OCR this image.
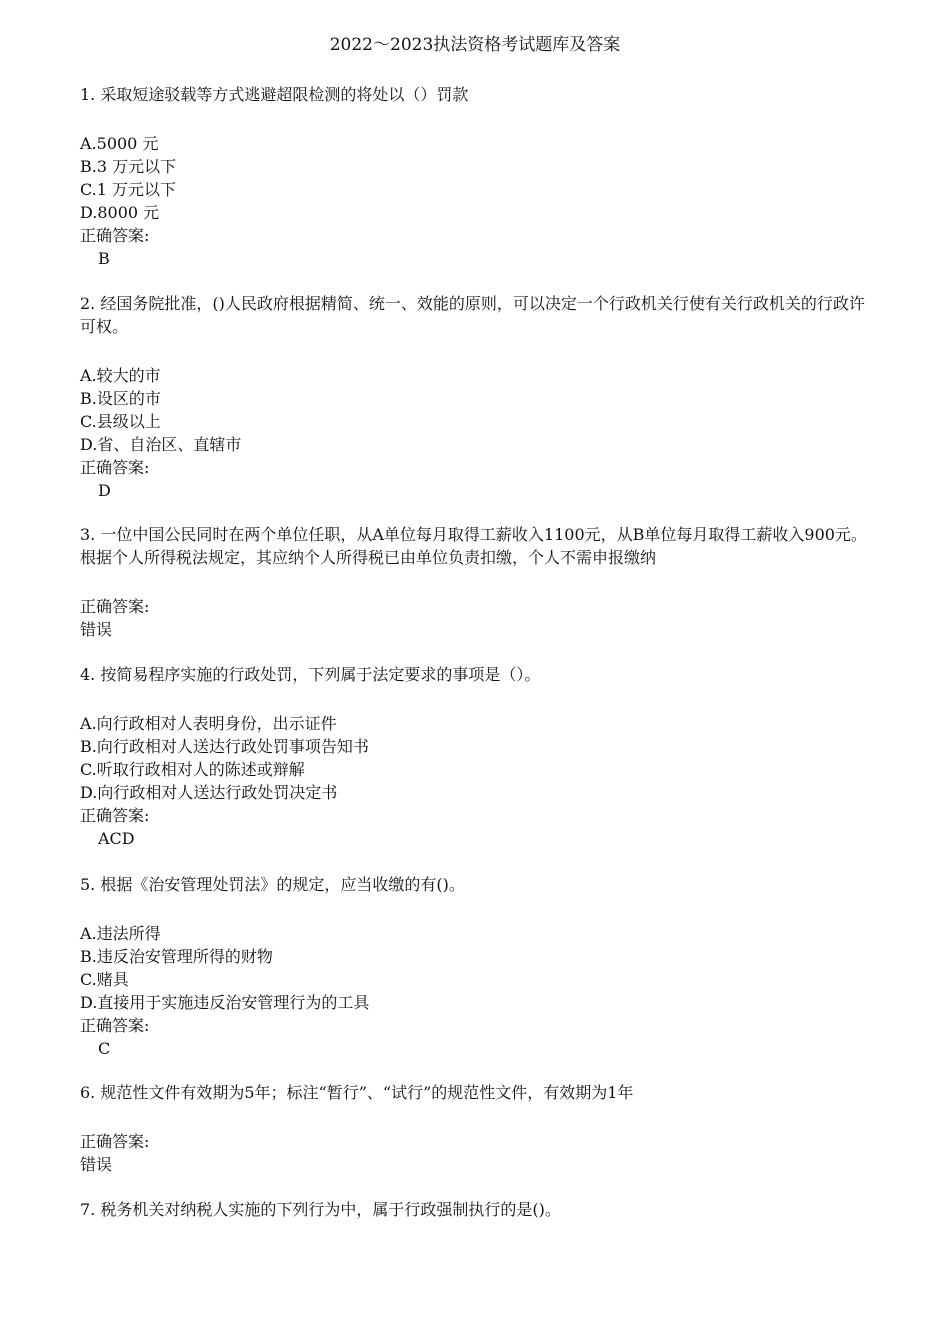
2022～2023执法资格考试题库及答案

1. 采取短途驳载等方式逃避超限检测的将处以（）罚款

A.5000 元
B.3 万元以下
C.1 万元以下
D.8000 元
正确答案:
B

2. 经国务院批准，()人民政府根据精简、统一、效能的原则，可以决定一个行政机关行使有关行政机关的行政许可权。

A.较大的市
B.设区的市
C.县级以上
D.省、自治区、直辖市
正确答案:
D

3. 一位中国公民同时在两个单位任职，从A单位每月取得工薪收入1100元，从B单位每月取得工薪收入900元。根据个人所得税法规定，其应纳个人所得税已由单位负责扣缴，个人不需申报缴纳

正确答案:
错误

4. 按简易程序实施的行政处罚，下列属于法定要求的事项是（）。

A.向行政相对人表明身份，出示证件
B.向行政相对人送达行政处罚事项告知书
C.听取行政相对人的陈述或辩解
D.向行政相对人送达行政处罚决定书
正确答案:
ACD

5. 根据《治安管理处罚法》的规定，应当收缴的有()。

A.违法所得
B.违反治安管理所得的财物
C.赌具
D.直接用于实施违反治安管理行为的工具
正确答案:
C

6. 规范性文件有效期为5年；标注“暂行”、“试行”的规范性文件，有效期为1年

正确答案:
错误

7. 税务机关对纳税人实施的下列行为中，属于行政强制执行的是()。
